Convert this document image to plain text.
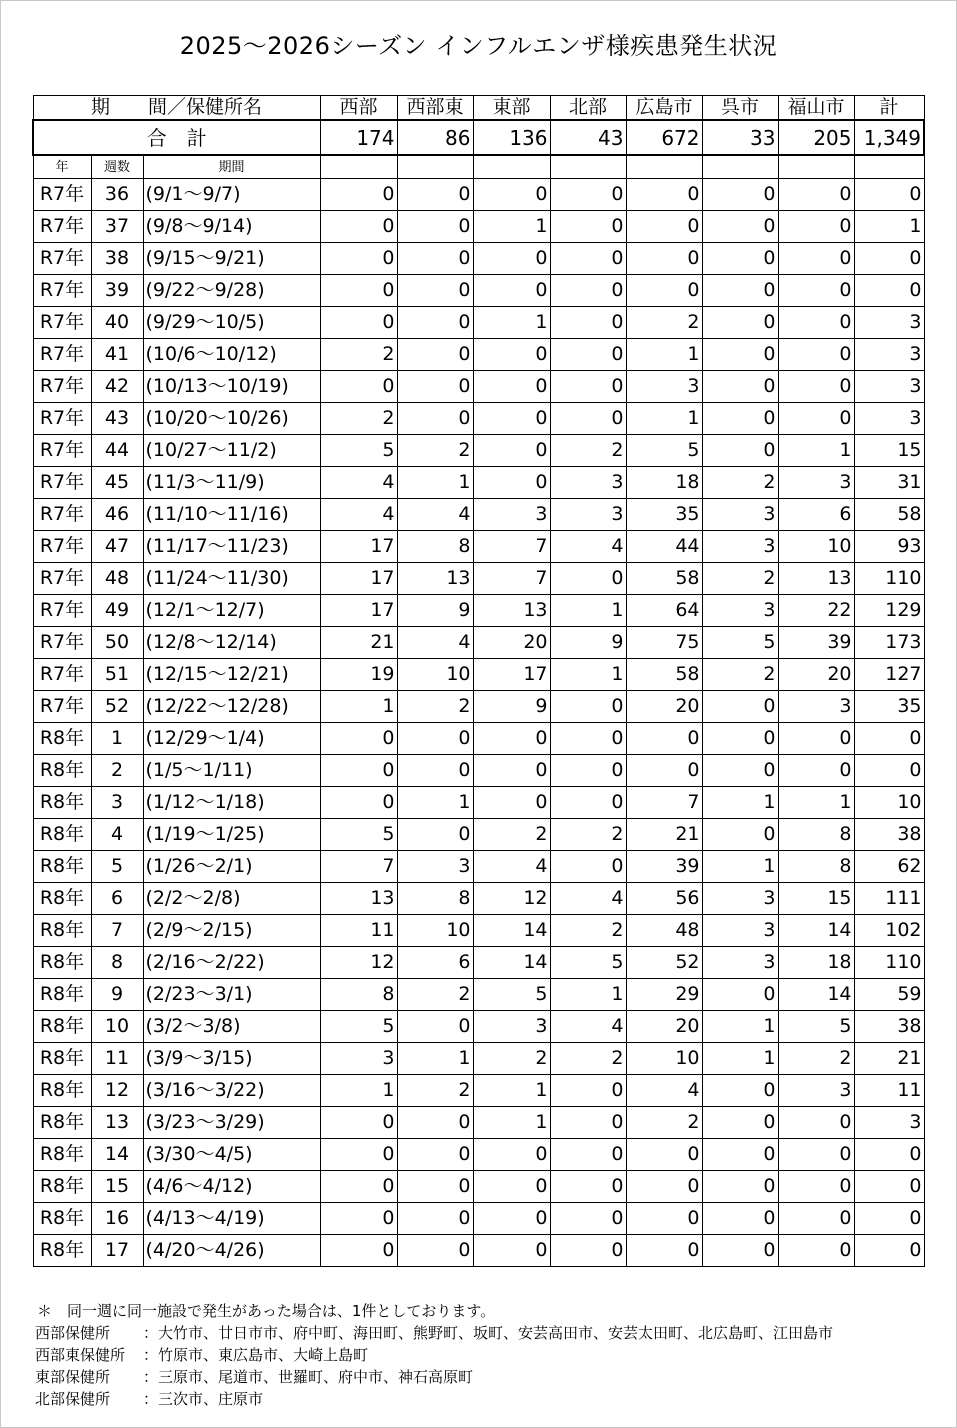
2025～2026シーズン インフルエンザ様疾患発生状況
期　　間／保健所名			西部	西部東	東部	北部	広島市	呉市	福山市	計
合　計			174	86	136	43	672	33	205	1,349
年	週数	期間								
R7年	36	(9/1～9/7)	0	0	0	0	0	0	0	0
R7年	37	(9/8～9/14)	0	0	1	0	0	0	0	1
R7年	38	(9/15～9/21)	0	0	0	0	0	0	0	0
R7年	39	(9/22～9/28)	0	0	0	0	0	0	0	0
R7年	40	(9/29～10/5)	0	0	1	0	2	0	0	3
R7年	41	(10/6～10/12)	2	0	0	0	1	0	0	3
R7年	42	(10/13～10/19)	0	0	0	0	3	0	0	3
R7年	43	(10/20～10/26)	2	0	0	0	1	0	0	3
R7年	44	(10/27～11/2)	5	2	0	2	5	0	1	15
R7年	45	(11/3～11/9)	4	1	0	3	18	2	3	31
R7年	46	(11/10～11/16)	4	4	3	3	35	3	6	58
R7年	47	(11/17～11/23)	17	8	7	4	44	3	10	93
R7年	48	(11/24～11/30)	17	13	7	0	58	2	13	110
R7年	49	(12/1～12/7)	17	9	13	1	64	3	22	129
R7年	50	(12/8～12/14)	21	4	20	9	75	5	39	173
R7年	51	(12/15～12/21)	19	10	17	1	58	2	20	127
R7年	52	(12/22～12/28)	1	2	9	0	20	0	3	35
R8年	1	(12/29～1/4)	0	0	0	0	0	0	0	0
R8年	2	(1/5～1/11)	0	0	0	0	0	0	0	0
R8年	3	(1/12～1/18)	0	1	0	0	7	1	1	10
R8年	4	(1/19～1/25)	5	0	2	2	21	0	8	38
R8年	5	(1/26～2/1)	7	3	4	0	39	1	8	62
R8年	6	(2/2～2/8)	13	8	12	4	56	3	15	111
R8年	7	(2/9～2/15)	11	10	14	2	48	3	14	102
R8年	8	(2/16～2/22)	12	6	14	5	52	3	18	110
R8年	9	(2/23～3/1)	8	2	5	1	29	0	14	59
R8年	10	(3/2～3/8)	5	0	3	4	20	1	5	38
R8年	11	(3/9～3/15)	3	1	2	2	10	1	2	21
R8年	12	(3/16～3/22)	1	2	1	0	4	0	3	11
R8年	13	(3/23～3/29)	0	0	1	0	2	0	0	3
R8年	14	(3/30～4/5)	0	0	0	0	0	0	0	0
R8年	15	(4/6～4/12)	0	0	0	0	0	0	0	0
R8年	16	(4/13～4/19)	0	0	0	0	0	0	0	0
R8年	17	(4/20～4/26)	0	0	0	0	0	0	0	0
＊　同一週に同一施設で発生があった場合は、1件としております。
西部保健所 ：大竹市、廿日市市、府中町、海田町、熊野町、坂町、安芸高田市、安芸太田町、北広島町、江田島市
西部東保健所 ：竹原市、東広島市、大崎上島町
東部保健所 ：三原市、尾道市、世羅町、府中市、神石高原町
北部保健所 ：三次市、庄原市
